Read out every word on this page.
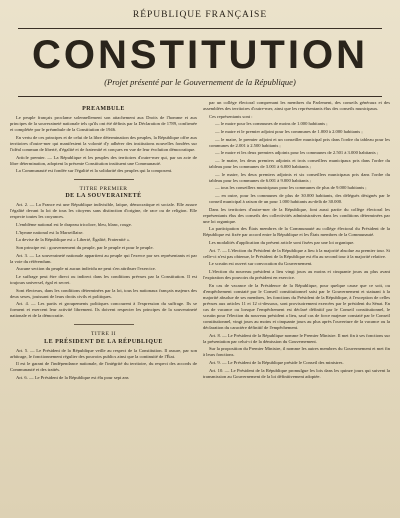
RÉPUBLIQUE FRANÇAISE
CONSTITUTION
(Projet présenté par le Gouvernement de la République)
PREAMBULE

Le peuple français proclame solennellement son attachement aux Droits de l'homme et aux principes de la souveraineté nationale tels qu'ils ont été définis par la Déclaration de 1789, confirmée et complétée par le préambule de la Constitution de 1946.

En vertu de ces principes et de celui de la libre détermination des peuples, la République offre aux territoires d'outre-mer qui manifestent la volonté d'y adhérer des institutions nouvelles fondées sur l'idéal commun de liberté, d'égalité et de fraternité et conçues en vue de leur évolution démocratique.

Article premier. — La République et les peuples des territoires d'outre-mer qui, par un acte de libre détermination, adoptent la présente Constitution instituent une Communauté.

La Communauté est fondée sur l'égalité et la solidarité des peuples qui la composent.

TITRE PREMIER
DE LA SOUVERAINETÉ

Art. 2. — La France est une République indivisible, laïque, démocratique et sociale. Elle assure l'égalité devant la loi de tous les citoyens sans distinction d'origine, de race ou de religion. Elle respecte toutes les croyances.

L'emblème national est le drapeau tricolore, bleu, blanc, rouge.

L'hymne national est la Marseillaise.

La devise de la République est « Liberté, Égalité, Fraternité ».

Son principe est : gouvernement du peuple, par le peuple et pour le peuple.

Art. 3. — La souveraineté nationale appartient au peuple qui l'exerce par ses représentants et par la voie du référendum.

Aucune section du peuple ni aucun individu ne peut s'en attribuer l'exercice.

Le suffrage peut être direct ou indirect dans les conditions prévues par la Constitution. Il est toujours universel, égal et secret.

Sont électeurs, dans les conditions déterminées par la loi, tous les nationaux français majeurs des deux sexes, jouissant de leurs droits civils et politiques.

Art. 4. — Les partis et groupements politiques concourent à l'expression du suffrage. Ils se forment et exercent leur activité librement. Ils doivent respecter les principes de la souveraineté nationale et de la démocratie.

TITRE II
LE PRÉSIDENT DE LA RÉPUBLIQUE

Art. 5. — Le Président de la République veille au respect de la Constitution. Il assure, par son arbitrage, le fonctionnement régulier des pouvoirs publics ainsi que la continuité de l'État.

Il est le garant de l'indépendance nationale, de l'intégrité du territoire, du respect des accords de Communauté et des traités.

Art. 6. — Le Président de la République est élu pour sept ans

par un collège électoral comprenant les membres du Parlement, des conseils généraux et des assemblées des territoires d'outre-mer, ainsi que les représentants élus des conseils municipaux.

Ces représentants sont :

— le maire pour les communes de moins de 1.000 habitants ;

— le maire et le premier adjoint pour les communes de 1.000 à 2.000 habitants ;

— le maire, le premier adjoint et un conseiller municipal pris dans l'ordre du tableau pour les communes de 2.001 à 2.500 habitants ;

— le maire et les deux premiers adjoints pour les communes de 2.501 à 3.000 habitants ;

— le maire, les deux premiers adjoints et trois conseillers municipaux pris dans l'ordre du tableau pour les communes de 3.001 à 6.000 habitants ;

— le maire, les deux premiers adjoints et six conseillers municipaux pris dans l'ordre du tableau pour les communes de 6.001 à 9.000 habitants ;

— tous les conseillers municipaux pour les communes de plus de 9.000 habitants ;

— en outre, pour les communes de plus de 30.000 habitants, des délégués désignés par le conseil municipal à raison de un pour 1.000 habitants au-delà de 30.000.

Dans les territoires d'outre-mer de la République, font aussi partie du collège électoral les représentants élus des conseils des collectivités administratives dans les conditions déterminées par une loi organique.

La participation des États membres de la Communauté au collège électoral du Président de la République est fixée par accord entre la République et les États membres de la Communauté.

Les modalités d'application du présent article sont fixées par une loi organique.

Art. 7. — L'élection du Président de la République a lieu à la majorité absolue au premier tour. Si celle-ci n'est pas obtenue, le Président de la République est élu au second tour à la majorité relative.

Le scrutin est ouvert sur convocation du Gouvernement.

L'élection du nouveau président a lieu vingt jours au moins et cinquante jours au plus avant l'expiration des pouvoirs du président en exercice.

En cas de vacance de la Présidence de la République, pour quelque cause que ce soit, ou d'empêchement constaté par le Conseil constitutionnel saisi par le Gouvernement et statuant à la majorité absolue de ses membres, les fonctions du Président de la République, à l'exception de celles prévues aux articles 11 et 12 ci-dessous, sont provisoirement exercées par le président du Sénat. En cas de vacance ou lorsque l'empêchement est déclaré définitif par le Conseil constitutionnel, le scrutin pour l'élection du nouveau président a lieu, sauf cas de force majeure constaté par le Conseil constitutionnel, vingt jours au moins et cinquante jours au plus après l'ouverture de la vacance ou la déclaration du caractère définitif de l'empêchement.

Art. 8. — Le Président de la République nomme le Premier Ministre. Il met fin à ses fonctions sur la présentation par celui-ci de la démission du Gouvernement.

Sur la proposition du Premier Ministre, il nomme les autres membres du Gouvernement et met fin à leurs fonctions.

Art. 9. — Le Président de la République préside le Conseil des ministres.

Art. 10. — Le Président de la République promulgue les lois dans les quinze jours qui suivent la transmission au Gouvernement de la loi définitivement adoptée.
